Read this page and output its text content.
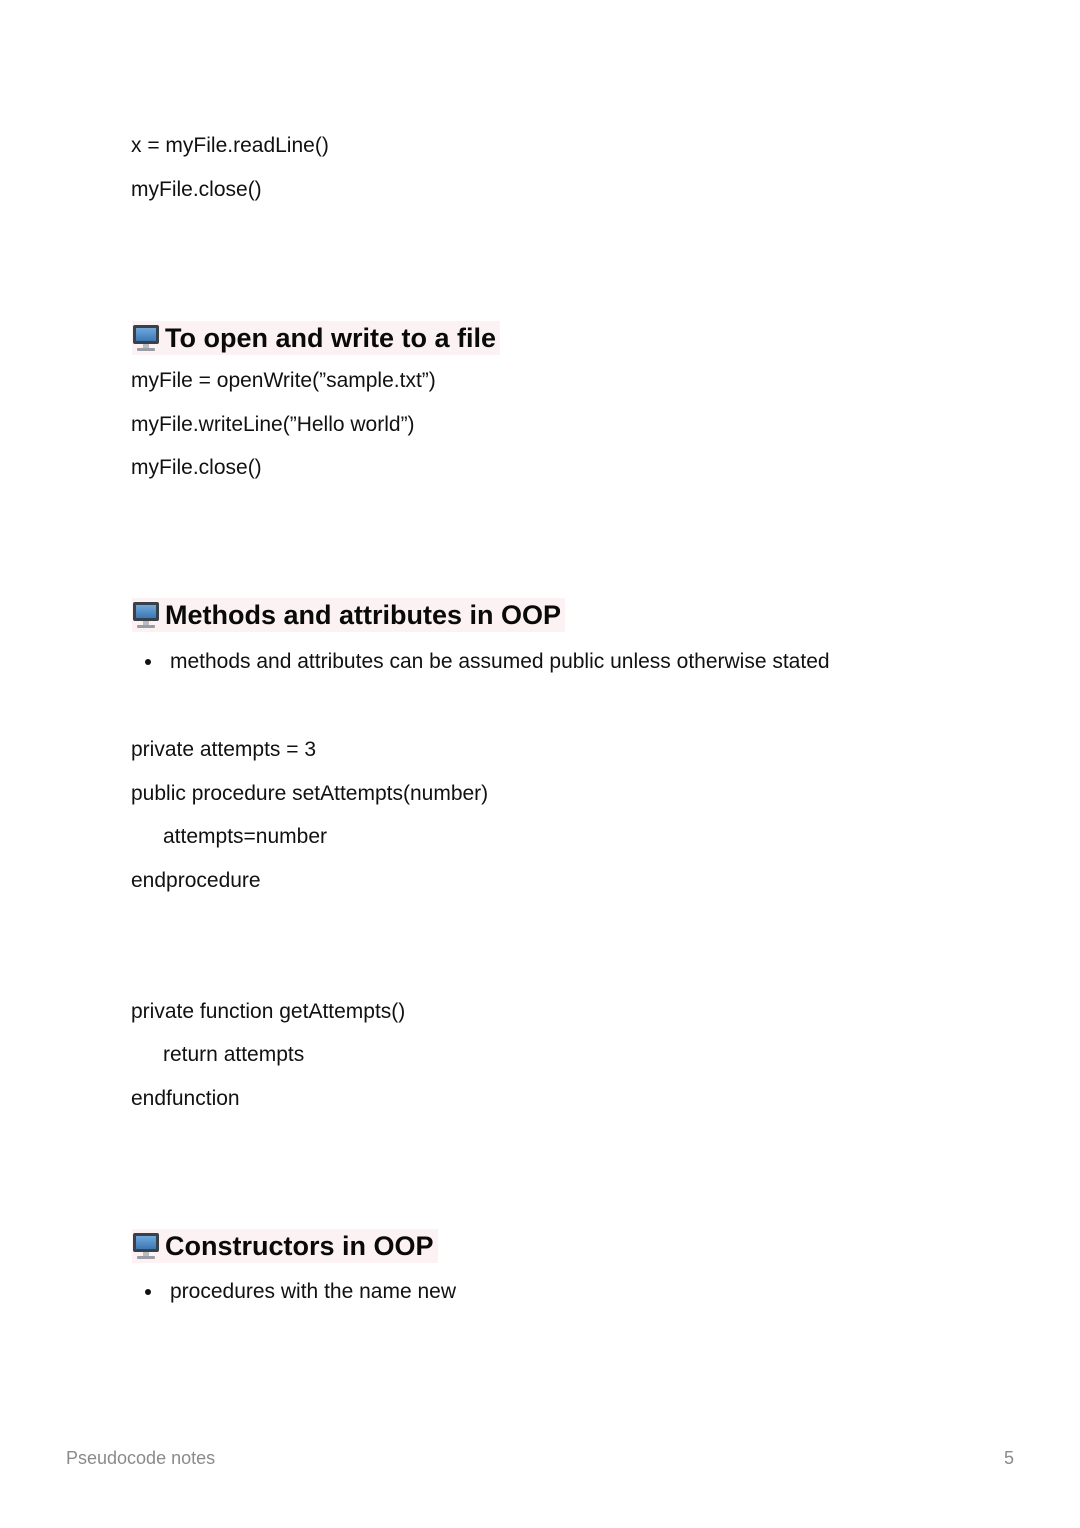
x = myFile.readLine()
myFile.close()
To open and write to a file
myFile = openWrite(”sample.txt”)
myFile.writeLine(”Hello world”)
myFile.close()
Methods and attributes in OOP
methods and attributes can be assumed public unless otherwise stated
private attempts = 3
public procedure setAttempts(number)
attempts=number
endprocedure
private function getAttempts()
return attempts
endfunction
Constructors in OOP
procedures with the name new
Pseudocode notes	5
